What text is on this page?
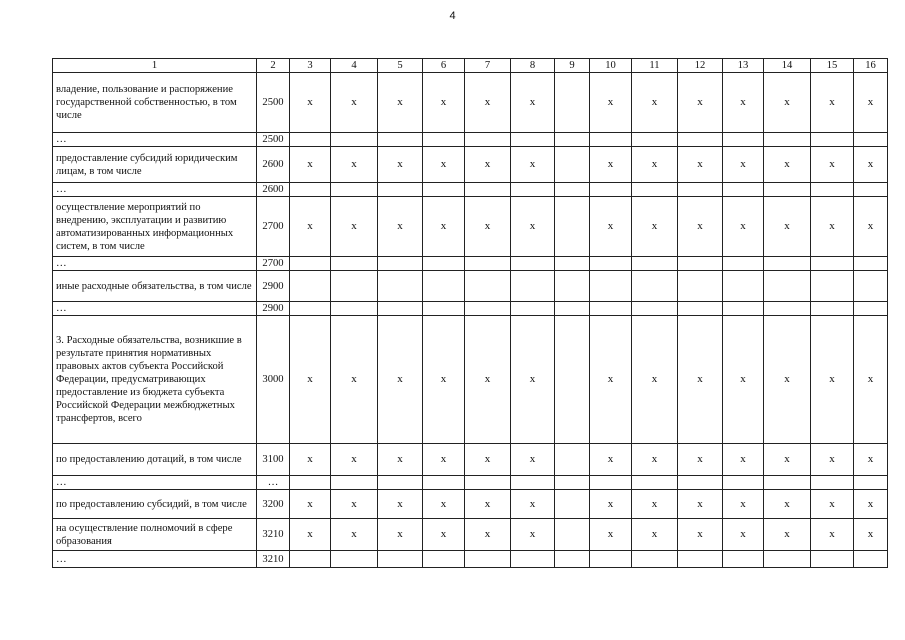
4
1	2	3	4	5	6	7	8	9	10	11	12	13	14	15	16
владение, пользование и распоряжение государственной собственностью, в том числе	2500	x	x	x	x	x	x		x	x	x	x	x	x	x
…	2500														
предоставление субсидий юридическим лицам, в том числе	2600	x	x	x	x	x	x		x	x	x	x	x	x	x
…	2600														
осуществление мероприятий по внедрению, эксплуатации и развитию автоматизированных информационных систем, в том числе	2700	x	x	x	x	x	x		x	x	x	x	x	x	x
…	2700														
иные расходные обязательства, в том числе	2900														
…	2900														
3. Расходные обязательства, возникшие в результате принятия нормативных правовых актов субъекта Российской Федерации, предусматривающих предоставление из бюджета субъекта Российской Федерации межбюджетных трансфертов, всего	3000	x	x	x	x	x	x		x	x	x	x	x	x	x
по предоставлению дотаций, в том числе	3100	x	x	x	x	x	x		x	x	x	x	x	x	x
…	…														
по предоставлению субсидий, в том числе	3200	x	x	x	x	x	x		x	x	x	x	x	x	x
на осуществление полномочий в сфере образования	3210	x	x	x	x	x	x		x	x	x	x	x	x	x
…	3210														
